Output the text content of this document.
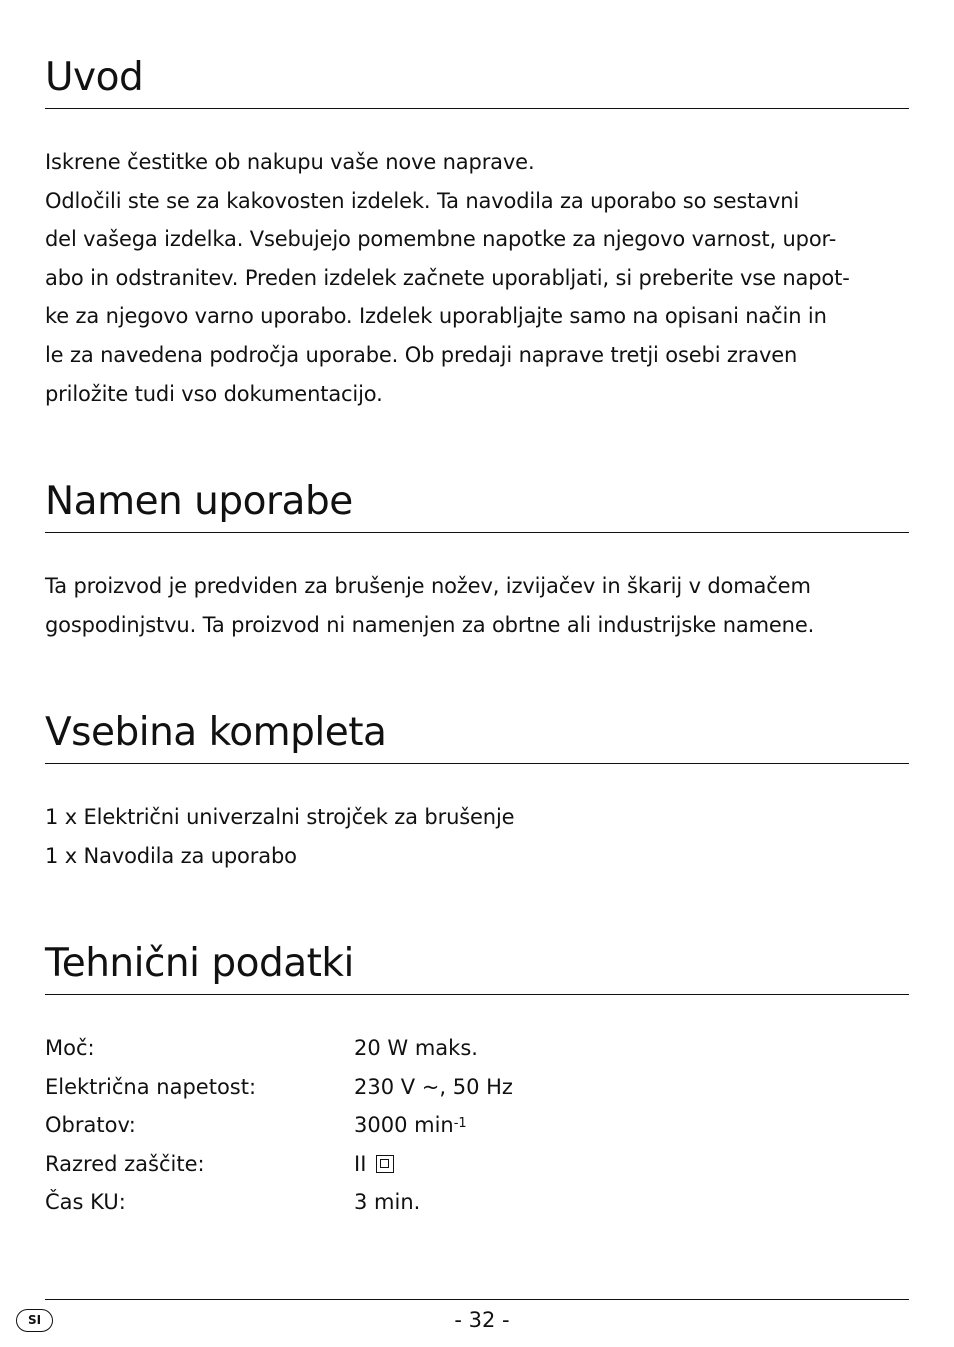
Uvod

Iskrene čestitke ob nakupu vaše nove naprave.
Odločili ste se za kakovosten izdelek. Ta navodila za uporabo so sestavni
del vašega izdelka. Vsebujejo pomembne napotke za njegovo varnost, upor-
abo in odstranitev. Preden izdelek začnete uporabljati, si preberite vse napot-
ke za njegovo varno uporabo. Izdelek uporabljajte samo na opisani način in
le za navedena področja uporabe. Ob predaji naprave tretji osebi zraven
priložite tudi vso dokumentacijo.

Namen uporabe

Ta proizvod je predviden za brušenje nožev, izvijačev in škarij v domačem
gospodinjstvu. Ta proizvod ni namenjen za obrtne ali industrijske namene.

Vsebina kompleta

1 x Električni univerzalni strojček za brušenje
1 x Navodila za uporabo

Tehnični podatki
Moč:	20 W maks.
Električna napetost:	230 V ~, 50 Hz
Obratov:	3000 $\min^{-1}$
Razred zaščite:	II
Čas KU:	3 min.
SI	- 32 -
